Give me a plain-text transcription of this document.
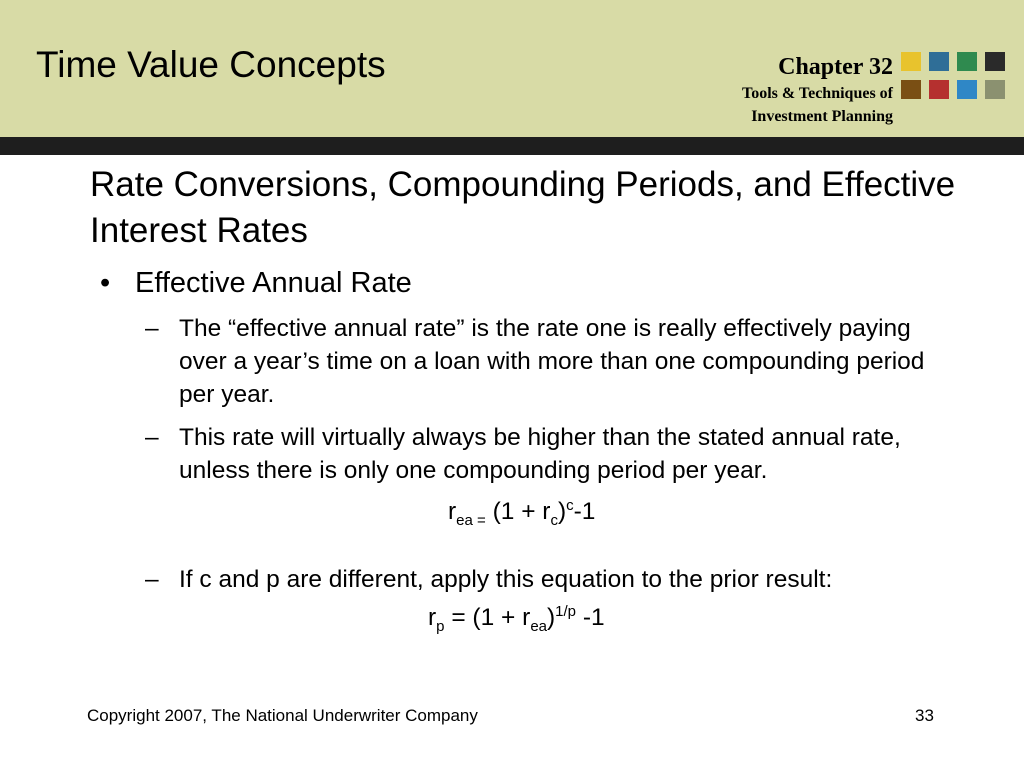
Time Value Concepts	Chapter 32
Tools & Techniques of
Investment Planning
Rate Conversions, Compounding Periods, and Effective Interest Rates
• Effective Annual Rate
– The “effective annual rate” is the rate one is really effectively paying over a year’s time on a loan with more than one compounding period per year.
– This rate will virtually always be higher than the stated annual rate, unless there is only one compounding period per year.
$r_{ea =}$ $(1 + r_c)^c-1$
– If c and p are different, apply this equation to the prior result:
$r_p = (1 + r_{ea})^{1/p}$ -1
Copyright 2007, The National Underwriter Company	33
